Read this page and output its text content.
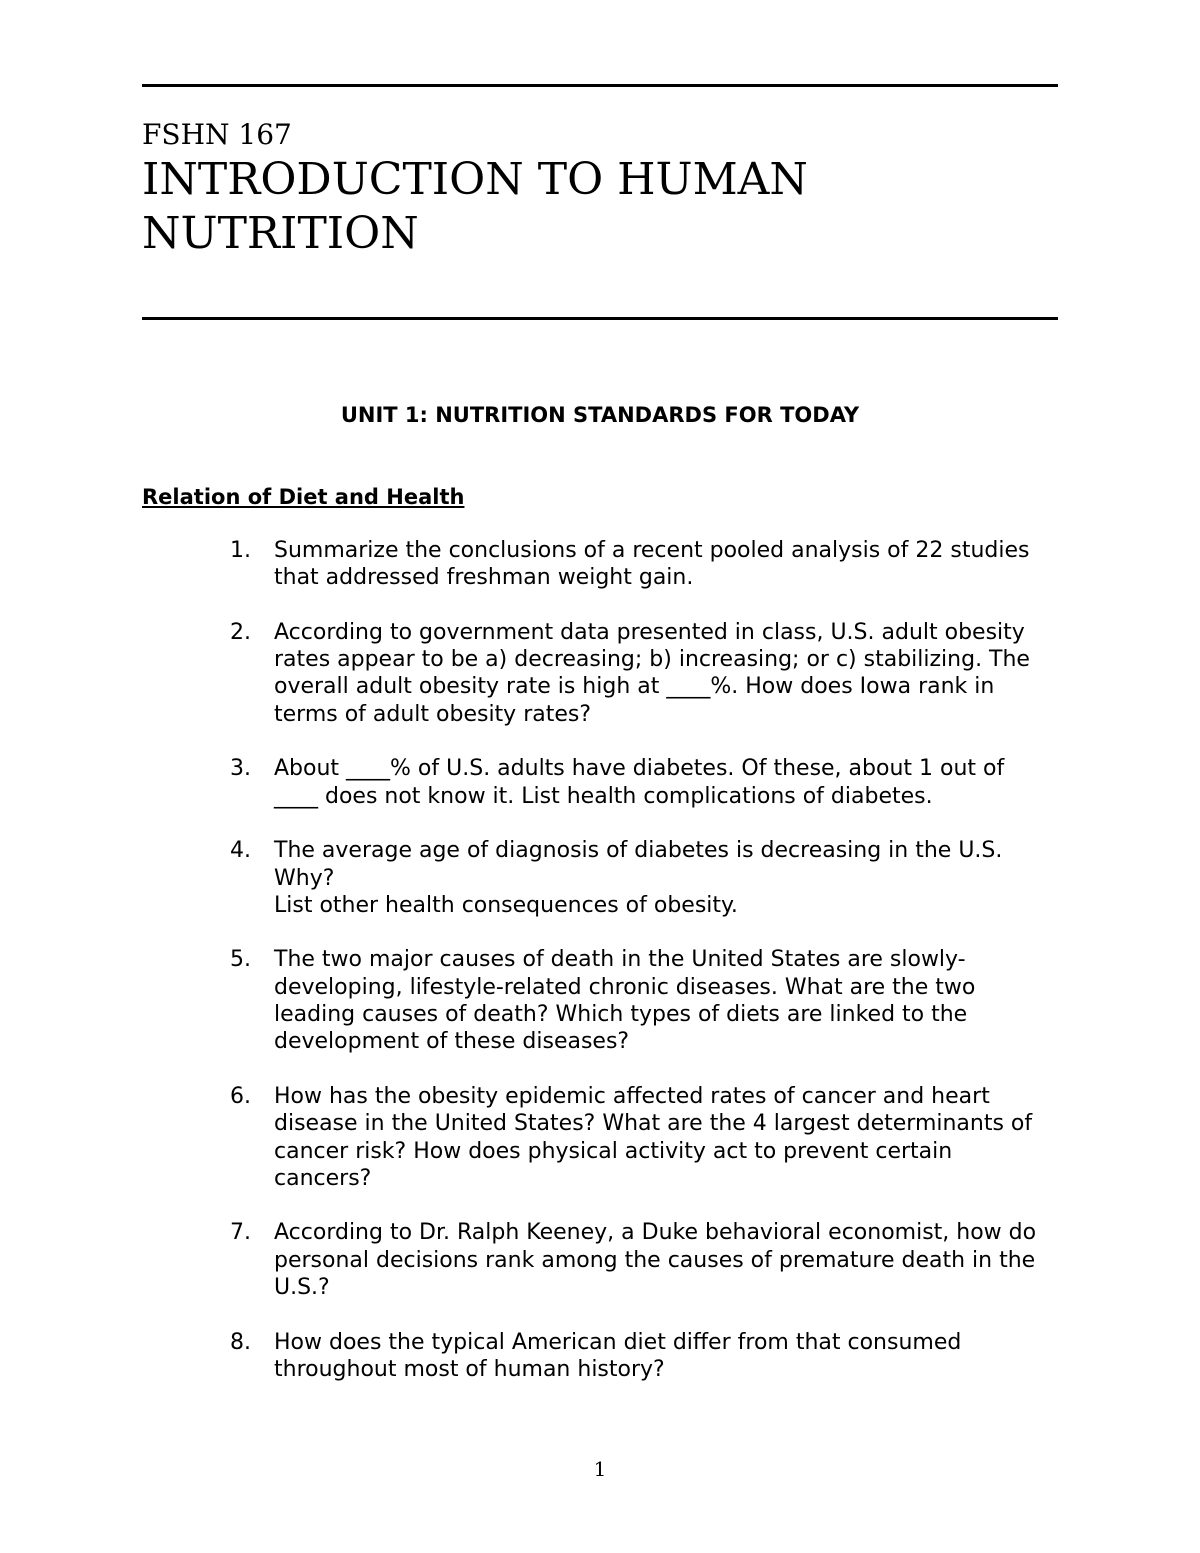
FSHN 167
INTRODUCTION TO HUMAN NUTRITION
UNIT 1: NUTRITION STANDARDS FOR TODAY
Relation of Diet and Health
1. Summarize the conclusions of a recent pooled analysis of 22 studies
that addressed freshman weight gain.
2. According to government data presented in class, U.S. adult obesity
rates appear to be a) decreasing; b) increasing; or c) stabilizing. The
overall adult obesity rate is high at ____%. How does Iowa rank in
terms of adult obesity rates?
3. About ____% of U.S. adults have diabetes. Of these, about 1 out of
____ does not know it. List health complications of diabetes.
4. The average age of diagnosis of diabetes is decreasing in the U.S.
Why?
List other health consequences of obesity.
5. The two major causes of death in the United States are slowly-
developing, lifestyle-related chronic diseases. What are the two
leading causes of death? Which types of diets are linked to the
development of these diseases?
6. How has the obesity epidemic affected rates of cancer and heart
disease in the United States? What are the 4 largest determinants of
cancer risk? How does physical activity act to prevent certain
cancers?
7. According to Dr. Ralph Keeney, a Duke behavioral economist, how do
personal decisions rank among the causes of premature death in the
U.S.?
8. How does the typical American diet differ from that consumed
throughout most of human history?
1
